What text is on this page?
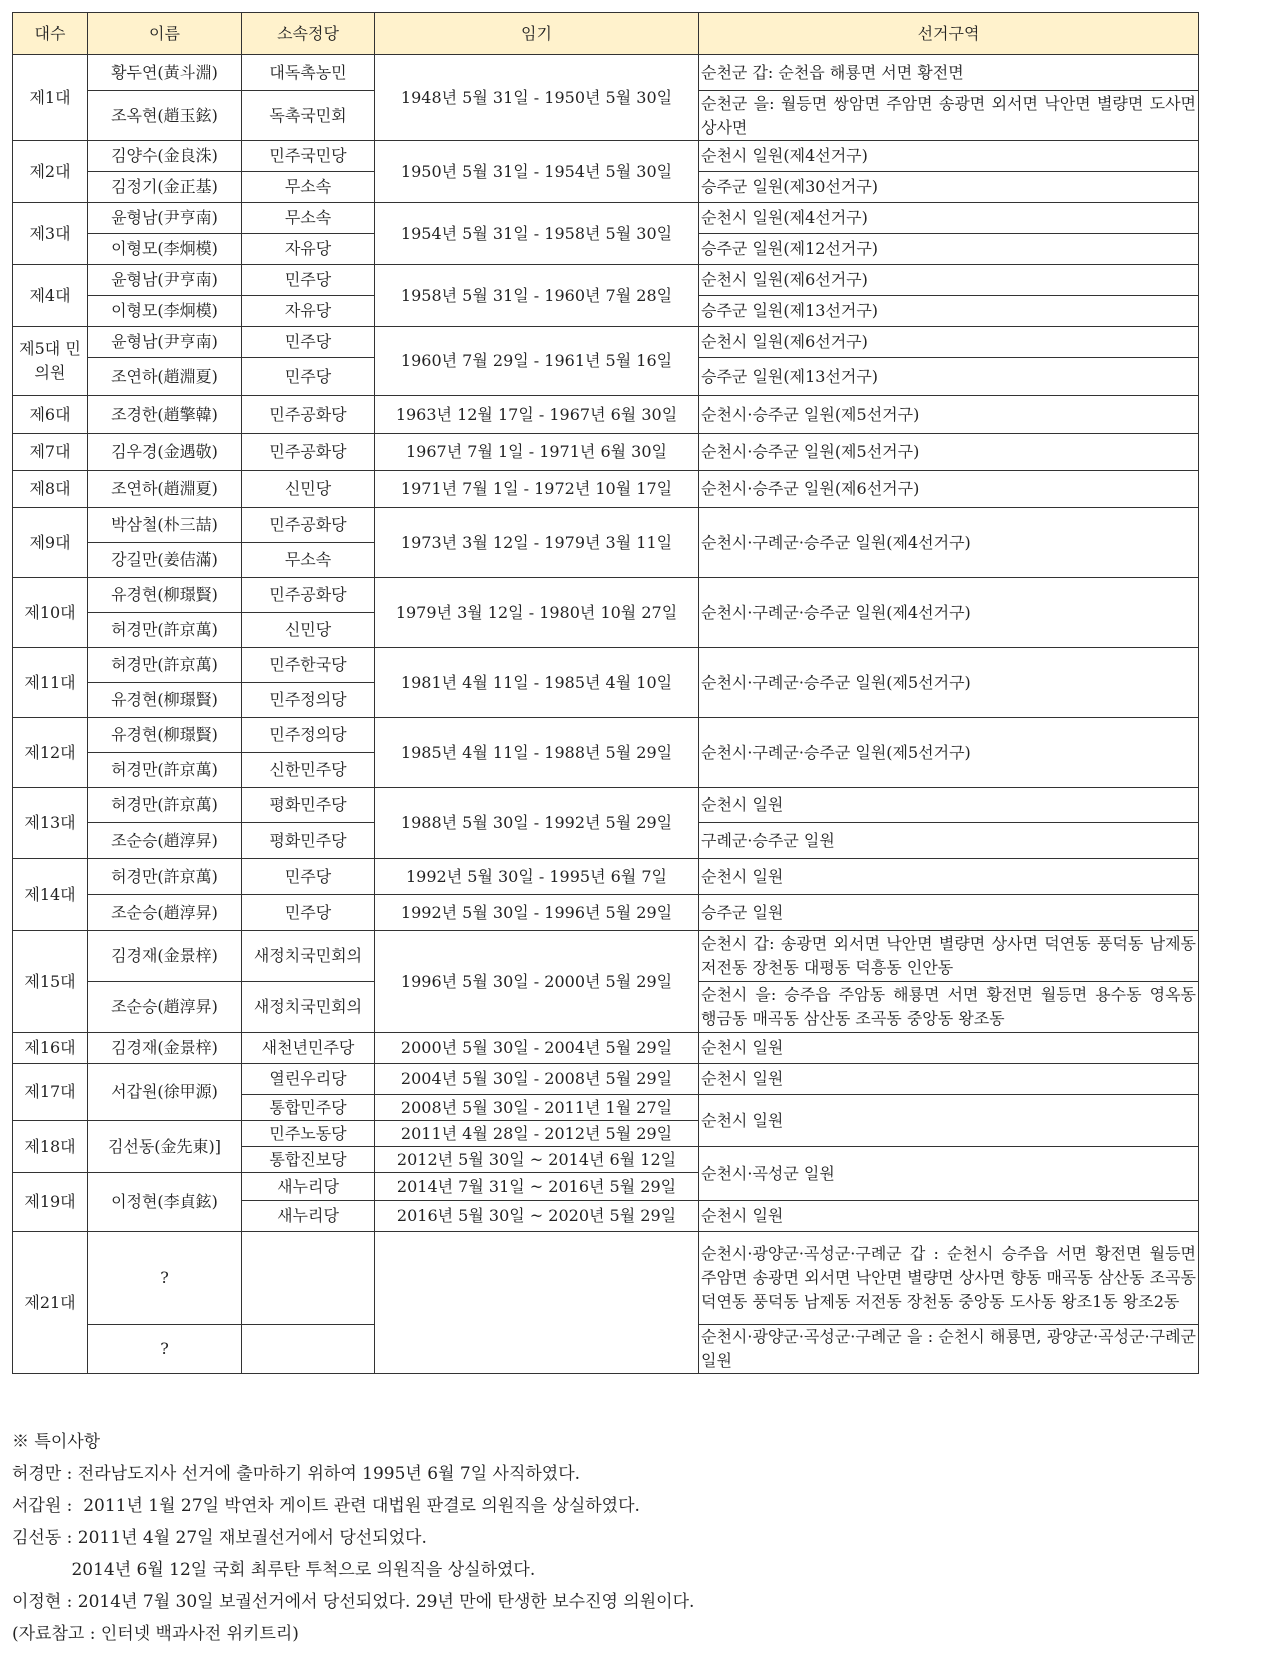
대수	이름	소속정당	임기	선거구역
제1대	황두연(黃斗淵)	대독촉농민	1948년 5월 31일 - 1950년 5월 30일	순천군 갑: 순천읍 해룡면 서면 황전면
	조옥현(趙玉鉉)	독촉국민회		순천군 을: 월등면 쌍암면 주암면 송광면 외서면 낙안면 별량면 도사면 상사면
제2대	김양수(金良洙)	민주국민당	1950년 5월 31일 - 1954년 5월 30일	순천시 일원(제4선거구)
	김정기(金正基)	무소속		승주군 일원(제30선거구)
제3대	윤형남(尹亨南)	무소속	1954년 5월 31일 - 1958년 5월 30일	순천시 일원(제4선거구)
	이형모(李炯模)	자유당		승주군 일원(제12선거구)
제4대	윤형남(尹亨南)	민주당	1958년 5월 31일 - 1960년 7월 28일	순천시 일원(제6선거구)
	이형모(李炯模)	자유당		승주군 일원(제13선거구)
제5대 민의원	윤형남(尹亨南)	민주당	1960년 7월 29일 - 1961년 5월 16일	순천시 일원(제6선거구)
	조연하(趙淵夏)	민주당		승주군 일원(제13선거구)
제6대	조경한(趙擎韓)	민주공화당	1963년 12월 17일 - 1967년 6월 30일	순천시·승주군 일원(제5선거구)
제7대	김우경(金遇敬)	민주공화당	1967년 7월 1일 - 1971년 6월 30일	순천시·승주군 일원(제5선거구)
제8대	조연하(趙淵夏)	신민당	1971년 7월 1일 - 1972년 10월 17일	순천시·승주군 일원(제6선거구)
제9대	박삼철(朴三喆)	민주공화당	1973년 3월 12일 - 1979년 3월 11일	순천시·구례군·승주군 일원(제4선거구)
	강길만(姜佶滿)	무소속		
제10대	유경현(柳璟賢)	민주공화당	1979년 3월 12일 - 1980년 10월 27일	순천시·구례군·승주군 일원(제4선거구)
	허경만(許京萬)	신민당		
제11대	허경만(許京萬)	민주한국당	1981년 4월 11일 - 1985년 4월 10일	순천시·구례군·승주군 일원(제5선거구)
	유경현(柳璟賢)	민주정의당		
제12대	유경현(柳璟賢)	민주정의당	1985년 4월 11일 - 1988년 5월 29일	순천시·구례군·승주군 일원(제5선거구)
	허경만(許京萬)	신한민주당		
제13대	허경만(許京萬)	평화민주당	1988년 5월 30일 - 1992년 5월 29일	순천시 일원
	조순승(趙淳昇)	평화민주당		구례군·승주군 일원
제14대	허경만(許京萬)	민주당	1992년 5월 30일 - 1995년 6월 7일	순천시 일원
	조순승(趙淳昇)	민주당	1992년 5월 30일 - 1996년 5월 29일	승주군 일원
제15대	김경재(金景梓)	새정치국민회의	1996년 5월 30일 - 2000년 5월 29일	순천시 갑: 송광면 외서면 낙안면 별량면 상사면 덕연동 풍덕동 남제동 저전동 장천동 대평동 덕흥동 인안동
	조순승(趙淳昇)	새정치국민회의		순천시 을: 승주읍 주암동 해룡면 서면 황전면 월등면 용수동 영옥동 행금동 매곡동 삼산동 조곡동 중앙동 왕조동
제16대	김경재(金景梓)	새천년민주당	2000년 5월 30일 - 2004년 5월 29일	순천시 일원
제17대	서갑원(徐甲源)	열린우리당	2004년 5월 30일 - 2008년 5월 29일	순천시 일원
		통합민주당	2008년 5월 30일 - 2011년 1월 27일	순천시 일원
제18대	김선동(金先東)]	민주노동당	2011년 4월 28일 - 2012년 5월 29일	
		통합진보당	2012년 5월 30일 ~ 2014년 6월 12일	순천시·곡성군 일원
제19대	이정현(李貞鉉)	새누리당	2014년 7월 31일 ~ 2016년 5월 29일	
		새누리당	2016년 5월 30일 ~ 2020년 5월 29일	순천시 일원
제21대	?			순천시·광양군·곡성군·구례군 갑 : 순천시 승주읍 서면 황전면 월등면 주암면 송광면 외서면 낙안면 별량면 상사면 향동 매곡동 삼산동 조곡동 덕연동 풍덕동 남제동 저전동 장천동 중앙동 도사동 왕조1동 왕조2동
	?			순천시·광양군·곡성군·구례군 을 : 순천시 해룡면, 광양군·곡성군·구례군 일원

※ 특이사항

허경만 : 전라남도지사 선거에 출마하기 위하여 1995년 6월 7일 사직하였다.

서갑원 :  2011년 1월 27일 박연차 게이트 관련 대법원 판결로 의원직을 상실하였다.

김선동 : 2011년 4월 27일 재보궐선거에서 당선되었다.

2014년 6월 12일 국회 최루탄 투척으로 의원직을 상실하였다.

이정현 : 2014년 7월 30일 보궐선거에서 당선되었다. 29년 만에 탄생한 보수진영 의원이다.

(자료참고 : 인터넷 백과사전 위키트리)
